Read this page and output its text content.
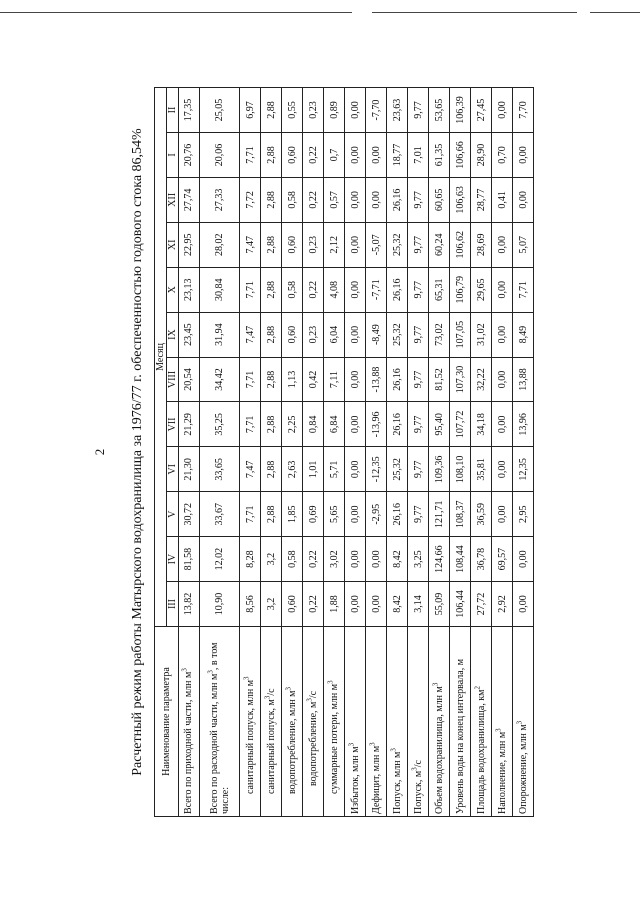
2 Расчетный режим работы Матырского водохранилища за 1976/77 г. обеспеченностью годового стока 86,54% Наименование параметра	Месяц											
	III	IV	V	VI	VII	VIII	IX	X	XI	XII	I	II
Всего по приходной части, млн $м^3$	13,82	81,58	30,72	21,30	21,29	20,54	23,45	23,13	22,95	27,74	20,76	17,35
Всего по расходной части, млн $м^3$, в том числе:	10,90	12,02	33,67	33,65	35,25	34,42	31,94	30,84	28,02	27,33	20,06	25,05
санитарный попуск, млн $м^3$	8,56	8,28	7,71	7,47	7,71	7,71	7,47	7,71	7,47	7,72	7,71	6,97
санитарный попуск, $м^3/с$	3,2	3,2	2,88	2,88	2,88	2,88	2,88	2,88	2,88	2,88	2,88	2,88
водопотребление, млн $м^3$	0,60	0,58	1,85	2,63	2,25	1,13	0,60	0,58	0,60	0,58	0,60	0,55
водопотребление, $м^3/с$	0,22	0,22	0,69	1,01	0,84	0,42	0,23	0,22	0,23	0,22	0,22	0,23
суммарные потери, млн $м^3$	1,88	3,02	5,65	5,71	6,84	7,11	6,04	4,08	2,12	0,57	0,7	0,89
Избыток, млн $м^3$	0,00	0,00	0,00	0,00	0,00	0,00	0,00	0,00	0,00	0,00	0,00	0,00
Дефицит, млн $м^3$	0,00	0,00	-2,95	-12,35	-13,96	-13,88	-8,49	-7,71	-5,07	0,00	0,00	-7,70
Попуск, млн $м^3$	8,42	8,42	26,16	25,32	26,16	26,16	25,32	26,16	25,32	26,16	18,77	23,63
Попуск, $м^3/с$	3,14	3,25	9,77	9,77	9,77	9,77	9,77	9,77	9,77	9,77	7,01	9,77
Объем водохранилища, млн $м^3$	55,09	124,66	121,71	109,36	95,40	81,52	73,02	65,31	60,24	60,65	61,35	53,65
Уровень воды на конец интервала, м	106,44	108,44	108,37	108,10	107,72	107,30	107,05	106,79	106,62	106,63	106,66	106,39
Площадь водохранилища, $км^2$	27,72	36,78	36,59	35,81	34,18	32,22	31,02	29,65	28,69	28,77	28,90	27,45
Наполнение, млн $м^3$	2,92	69,57	0,00	0,00	0,00	0,00	0,00	0,00	0,00	0,41	0,70	0,00
Опорожнение, млн $м^3$	0,00	0,00	2,95	12,35	13,96	13,88	8,49	7,71	5,07	0,00	0,00	7,70
